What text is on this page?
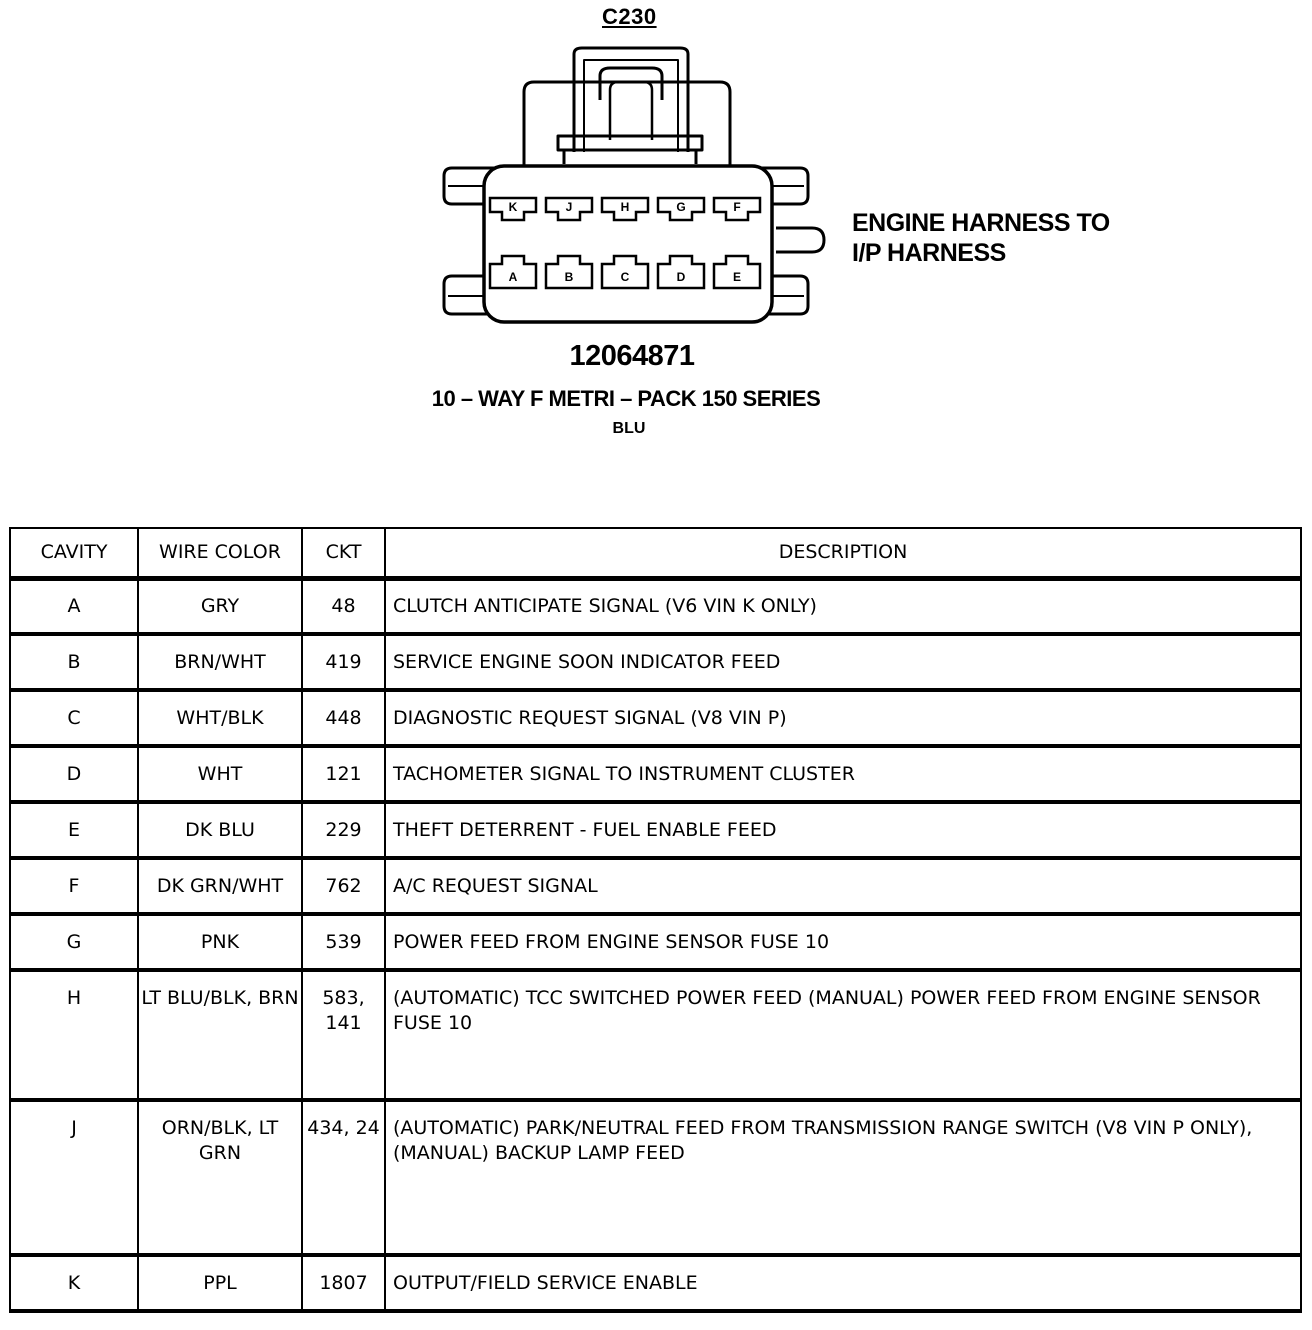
C230
K	J	H	G	F
A	B	C	D	E
ENGINE HARNESS TO
I/P HARNESS
12064871
10 – WAY F METRI – PACK 150 SERIES
BLU
CAVITY	WIRE COLOR	CKT	DESCRIPTION
A	GRY	48	CLUTCH ANTICIPATE SIGNAL (V6 VIN K ONLY)
B	BRN/WHT	419	SERVICE ENGINE SOON INDICATOR FEED
C	WHT/BLK	448	DIAGNOSTIC REQUEST SIGNAL (V8 VIN P)
D	WHT	121	TACHOMETER SIGNAL TO INSTRUMENT CLUSTER
E	DK BLU	229	THEFT DETERRENT - FUEL ENABLE FEED
F	DK GRN/WHT	762	A/C REQUEST SIGNAL
G	PNK	539	POWER FEED FROM ENGINE SENSOR FUSE 10
H	LT BLU/BLK, BRN	583, 141	(AUTOMATIC) TCC SWITCHED POWER FEED (MANUAL) POWER FEED FROM ENGINE SENSOR FUSE 10
J	ORN/BLK, LT GRN	434, 24	(AUTOMATIC) PARK/NEUTRAL FEED FROM TRANSMISSION RANGE SWITCH (V8 VIN P ONLY), (MANUAL) BACKUP LAMP FEED
K	PPL	1807	OUTPUT/FIELD SERVICE ENABLE
